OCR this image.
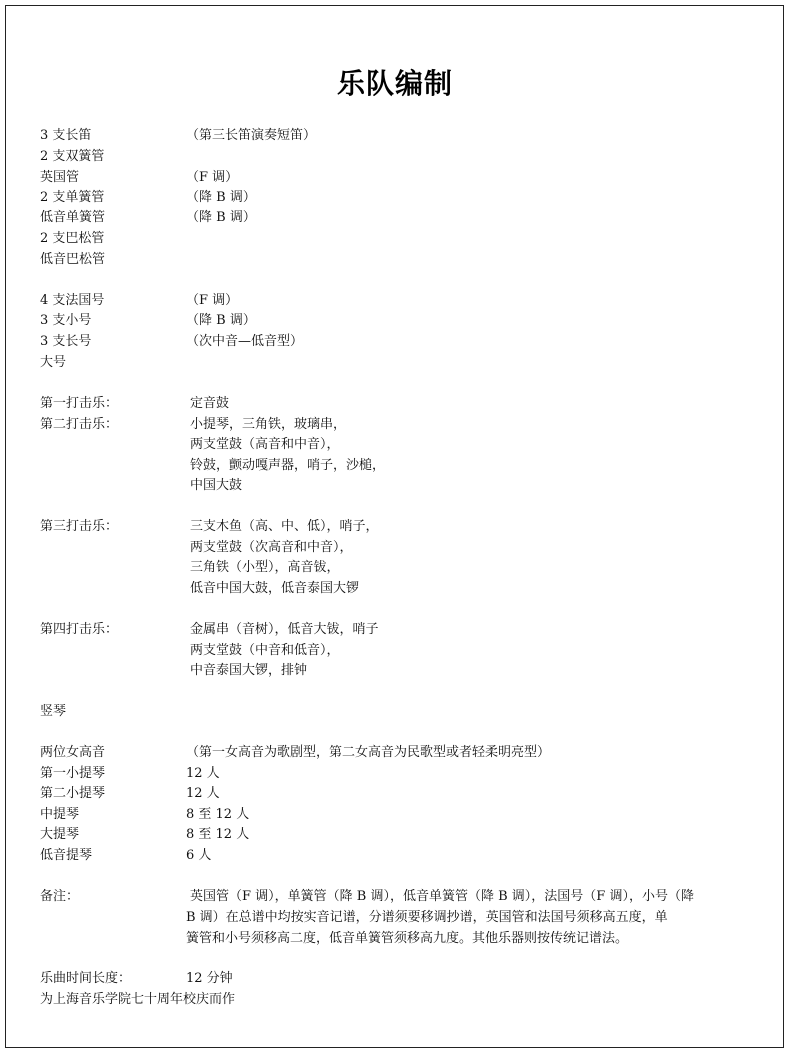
乐队编制
3 支长笛	（第三长笛演奏短笛）
2 支双簧管
英国管	（F 调）
2 支单簧管	（降 B 调）
低音单簧管	（降 B 调）
2 支巴松管
低音巴松管
4 支法国号	（F 调）
3 支小号	（降 B 调）
3 支长号	（次中音—低音型）
大号
第一打击乐：	定音鼓
第二打击乐：	小提琴，三角铁，玻璃串，
两支堂鼓（高音和中音），
铃鼓，颤动嘎声器，哨子，沙槌，
中国大鼓
第三打击乐：	三支木鱼（高、中、低），哨子，
两支堂鼓（次高音和中音），
三角铁（小型），高音钹，
低音中国大鼓，低音泰国大锣
第四打击乐：	金属串（音树），低音大钹，哨子
两支堂鼓（中音和低音），
中音泰国大锣，排钟
竖琴
两位女高音	（第一女高音为歌剧型，第二女高音为民歌型或者轻柔明亮型）
第一小提琴	12 人
第二小提琴	12 人
中提琴	8 至 12 人
大提琴	8 至 12 人
低音提琴	6 人
备注：	英国管（F 调），单簧管（降 B 调），低音单簧管（降 B 调），法国号（F 调），小号（降
B 调）在总谱中均按实音记谱，分谱须要移调抄谱，英国管和法国号须移高五度，单
簧管和小号须移高二度，低音单簧管须移高九度。其他乐器则按传统记谱法。
乐曲时间长度：	12 分钟
为上海音乐学院七十周年校庆而作
